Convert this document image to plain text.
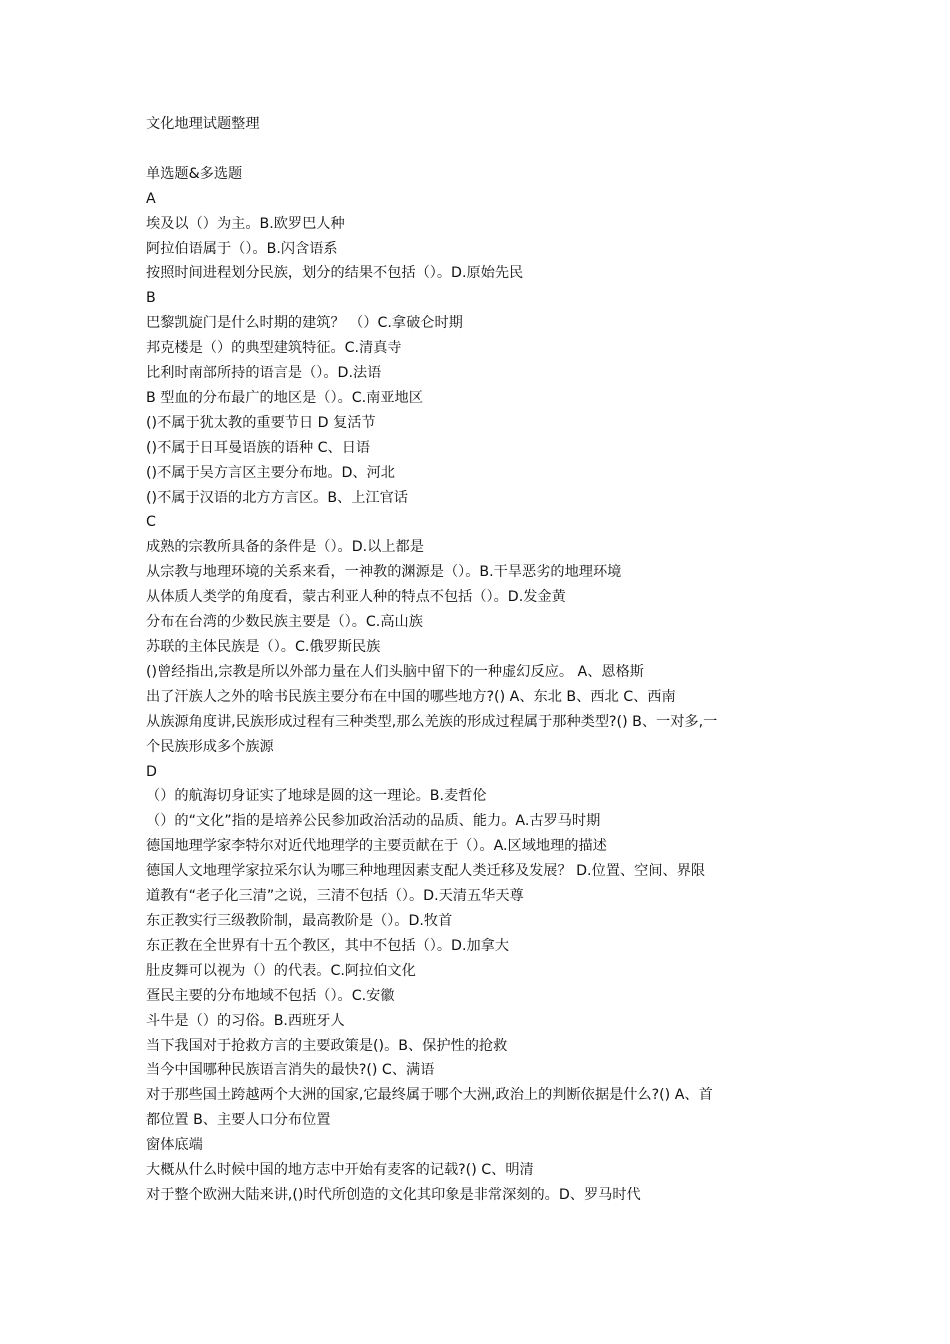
文化地理试题整理
单选题&多选题
A
埃及以（）为主。B.欧罗巴人种
阿拉伯语属于（）。B.闪含语系
按照时间进程划分民族，划分的结果不包括（）。D.原始先民
B
巴黎凯旋门是什么时期的建筑？ （）C.拿破仑时期
邦克楼是（）的典型建筑特征。C.清真寺
比利时南部所持的语言是（）。D.法语
B 型血的分布最广的地区是（）。C.南亚地区
()不属于犹太教的重要节日 D 复活节
()不属于日耳曼语族的语种 C、日语
()不属于吴方言区主要分布地。D、河北
()不属于汉语的北方方言区。B、上江官话
C
成熟的宗教所具备的条件是（）。D.以上都是
从宗教与地理环境的关系来看，一神教的渊源是（）。B.干旱恶劣的地理环境
从体质人类学的角度看，蒙古利亚人种的特点不包括（）。D.发金黄
分布在台湾的少数民族主要是（）。C.高山族
苏联的主体民族是（）。C.俄罗斯民族
()曾经指出,宗教是所以外部力量在人们头脑中留下的一种虚幻反应。 A、恩格斯
出了汗族人之外的啥书民族主要分布在中国的哪些地方?() A、东北 B、西北 C、西南
从族源角度讲,民族形成过程有三种类型,那么羌族的形成过程属于那种类型?() B、一对多,一
个民族形成多个族源
D
（）的航海切身证实了地球是圆的这一理论。B.麦哲伦
（）的“文化”指的是培养公民参加政治活动的品质、能力。A.古罗马时期
德国地理学家李特尔对近代地理学的主要贡献在于（）。A.区域地理的描述
德国人文地理学家拉采尔认为哪三种地理因素支配人类迁移及发展？ D.位置、空间、界限
道教有“老子化三清”之说，三清不包括（）。D.天清五华天尊
东正教实行三级教阶制，最高教阶是（）。D.牧首
东正教在全世界有十五个教区，其中不包括（）。D.加拿大
肚皮舞可以视为（）的代表。C.阿拉伯文化
疍民主要的分布地域不包括（）。C.安徽
斗牛是（）的习俗。B.西班牙人
当下我国对于抢救方言的主要政策是()。B、保护性的抢救
当今中国哪种民族语言消失的最快?() C、满语
对于那些国土跨越两个大洲的国家,它最终属于哪个大洲,政治上的判断依据是什么?() A、首
都位置 B、主要人口分布位置
窗体底端
大概从什么时候中国的地方志中开始有麦客的记载?() C、明清
对于整个欧洲大陆来讲,()时代所创造的文化其印象是非常深刻的。D、罗马时代
